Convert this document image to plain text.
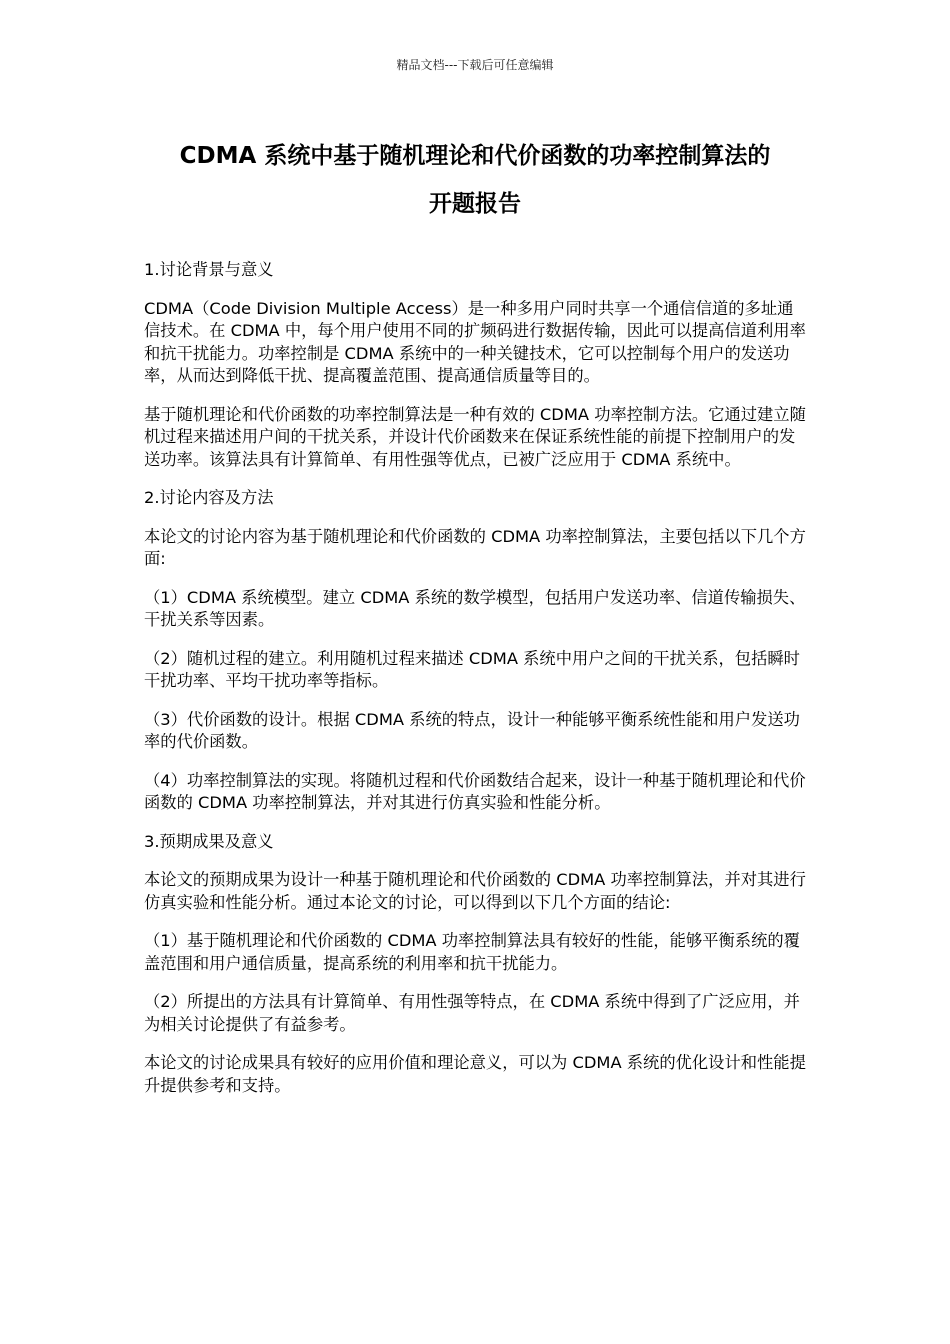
精品文档---下载后可任意编辑
CDMA 系统中基于随机理论和代价函数的功率控制算法的
开题报告

1.讨论背景与意义

CDMA（Code Division Multiple Access）是一种多用户同时共享一个通信信道的多址通信技术。在 CDMA 中，每个用户使用不同的扩频码进行数据传输，因此可以提高信道利用率和抗干扰能力。功率控制是 CDMA 系统中的一种关键技术，它可以控制每个用户的发送功率，从而达到降低干扰、提高覆盖范围、提高通信质量等目的。

基于随机理论和代价函数的功率控制算法是一种有效的 CDMA 功率控制方法。它通过建立随机过程来描述用户间的干扰关系，并设计代价函数来在保证系统性能的前提下控制用户的发送功率。该算法具有计算简单、有用性强等优点，已被广泛应用于 CDMA 系统中。

2.讨论内容及方法

本论文的讨论内容为基于随机理论和代价函数的 CDMA 功率控制算法，主要包括以下几个方面:

（1）CDMA 系统模型。建立 CDMA 系统的数学模型，包括用户发送功率、信道传输损失、干扰关系等因素。

（2）随机过程的建立。利用随机过程来描述 CDMA 系统中用户之间的干扰关系，包括瞬时干扰功率、平均干扰功率等指标。

（3）代价函数的设计。根据 CDMA 系统的特点，设计一种能够平衡系统性能和用户发送功率的代价函数。

（4）功率控制算法的实现。将随机过程和代价函数结合起来，设计一种基于随机理论和代价函数的 CDMA 功率控制算法，并对其进行仿真实验和性能分析。

3.预期成果及意义

本论文的预期成果为设计一种基于随机理论和代价函数的 CDMA 功率控制算法，并对其进行仿真实验和性能分析。通过本论文的讨论，可以得到以下几个方面的结论:

（1）基于随机理论和代价函数的 CDMA 功率控制算法具有较好的性能，能够平衡系统的覆盖范围和用户通信质量，提高系统的利用率和抗干扰能力。

（2）所提出的方法具有计算简单、有用性强等特点，在 CDMA 系统中得到了广泛应用，并为相关讨论提供了有益参考。

本论文的讨论成果具有较好的应用价值和理论意义，可以为 CDMA 系统的优化设计和性能提升提供参考和支持。
